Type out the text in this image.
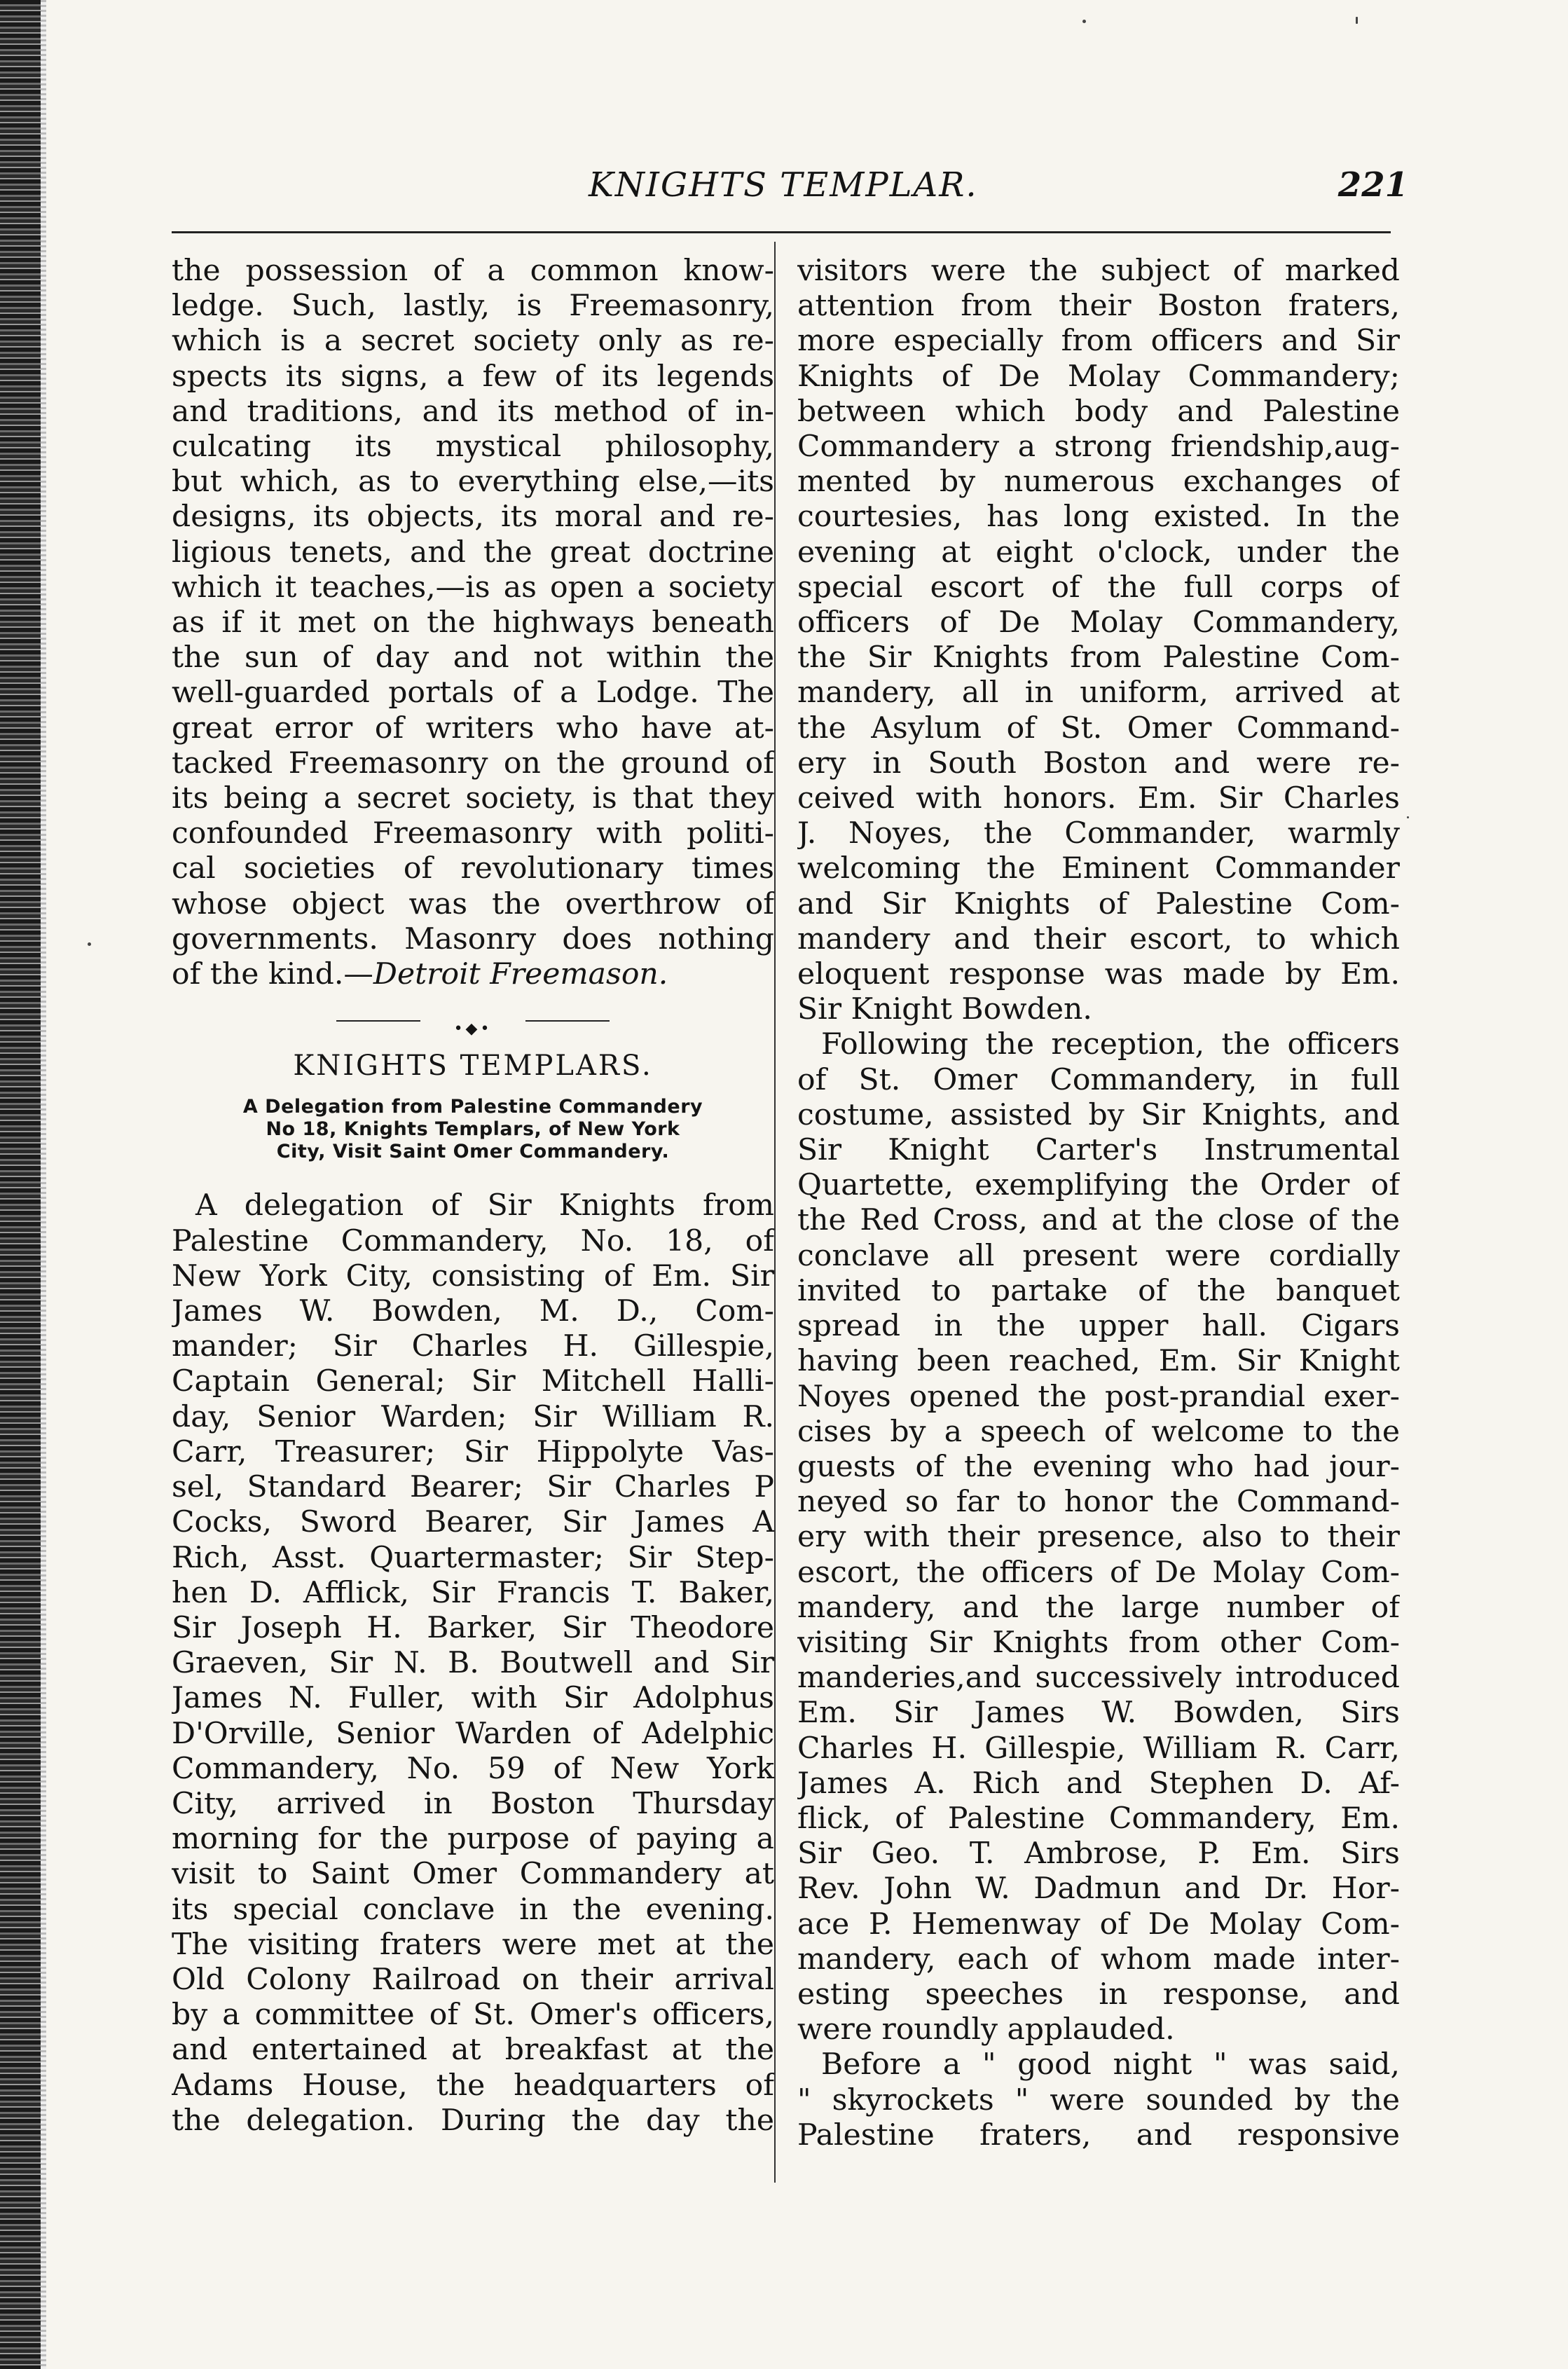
KNIGHTS TEMPLAR.	221
the possession of a common know-
ledge. Such, lastly, is Freemasonry,
which is a secret society only as re-
spects its signs, a few of its legends
and traditions, and its method of in-
culcating its mystical philosophy,
but which, as to everything else,—its
designs, its objects, its moral and re-
ligious tenets, and the great doctrine
which it teaches,—is as open a society
as if it met on the highways beneath
the sun of day and not within the
well-guarded portals of a Lodge. The
great error of writers who have at-
tacked Freemasonry on the ground of
its being a secret society, is that they
confounded Freemasonry with politi-
cal societies of revolutionary times
whose object was the overthrow of
governments. Masonry does nothing
of the kind.—Detroit Freemason.
•◆•
KNIGHTS TEMPLARS.
A Delegation from Palestine Commandery
No 18, Knights Templars, of New York
City, Visit Saint Omer Commandery.
A delegation of Sir Knights from
Palestine Commandery, No. 18, of
New York City, consisting of Em. Sir
James W. Bowden, M. D., Com-
mander; Sir Charles H. Gillespie,
Captain General; Sir Mitchell Halli-
day, Senior Warden; Sir William R.
Carr, Treasurer; Sir Hippolyte Vas-
sel, Standard Bearer; Sir Charles P
Cocks, Sword Bearer, Sir James A
Rich, Asst. Quartermaster; Sir Step-
hen D. Afflick, Sir Francis T. Baker,
Sir Joseph H. Barker, Sir Theodore
Graeven, Sir N. B. Boutwell and Sir
James N. Fuller, with Sir Adolphus
D'Orville, Senior Warden of Adelphic
Commandery, No. 59 of New York
City, arrived in Boston Thursday
morning for the purpose of paying a
visit to Saint Omer Commandery at
its special conclave in the evening.
The visiting fraters were met at the
Old Colony Railroad on their arrival
by a committee of St. Omer's officers,
and entertained at breakfast at the
Adams House, the headquarters of
the delegation. During the day the
visitors were the subject of marked
attention from their Boston fraters,
more especially from officers and Sir
Knights of De Molay Commandery;
between which body and Palestine
Commandery a strong friendship,aug-
mented by numerous exchanges of
courtesies, has long existed. In the
evening at eight o'clock, under the
special escort of the full corps of
officers of De Molay Commandery,
the Sir Knights from Palestine Com-
mandery, all in uniform, arrived at
the Asylum of St. Omer Command-
ery in South Boston and were re-
ceived with honors. Em. Sir Charles
J. Noyes, the Commander, warmly
welcoming the Eminent Commander
and Sir Knights of Palestine Com-
mandery and their escort, to which
eloquent response was made by Em.
Sir Knight Bowden.
Following the reception, the officers
of St. Omer Commandery, in full
costume, assisted by Sir Knights, and
Sir Knight Carter's Instrumental
Quartette, exemplifying the Order of
the Red Cross, and at the close of the
conclave all present were cordially
invited to partake of the banquet
spread in the upper hall. Cigars
having been reached, Em. Sir Knight
Noyes opened the post-prandial exer-
cises by a speech of welcome to the
guests of the evening who had jour-
neyed so far to honor the Command-
ery with their presence, also to their
escort, the officers of De Molay Com-
mandery, and the large number of
visiting Sir Knights from other Com-
manderies,and successively introduced
Em. Sir James W. Bowden, Sirs
Charles H. Gillespie, William R. Carr,
James A. Rich and Stephen D. Af-
flick, of Palestine Commandery, Em.
Sir Geo. T. Ambrose, P. Em. Sirs
Rev. John W. Dadmun and Dr. Hor-
ace P. Hemenway of De Molay Com-
mandery, each of whom made inter-
esting speeches in response, and
were roundly applauded.
Before a " good night " was said,
" skyrockets " were sounded by the
Palestine fraters, and responsive
